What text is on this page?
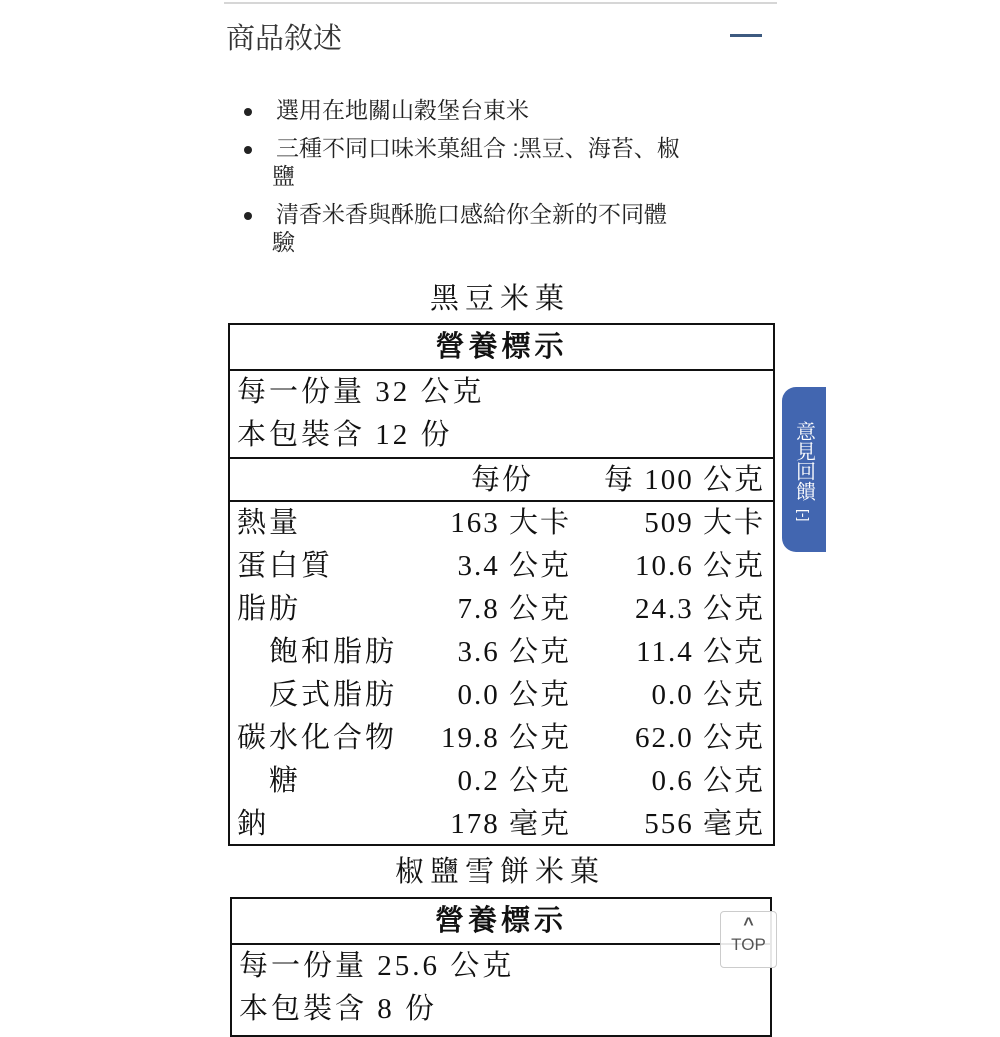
商品敘述
選用在地關山穀堡台東米
三種不同口味米菓組合 :黑豆、海苔、椒
鹽
清香米香與酥脆口感給你全新的不同體
驗
黑豆米菓
營養標示
每一份量 32 公克
本包裝含 12 份
每份 每 100 公克
熱量	163 大卡	509 大卡
蛋白質	3.4 公克 10.6 公克
脂肪	7.8 公克 24.3 公克
　飽和脂肪 3.6 公克 11.4 公克
　反式脂肪 0.0 公克	0.0 公克
碳水化合物 19.8 公克 62.0 公克
　糖	0.2 公克	0.6 公克
鈉	178 毫克	556 毫克
椒鹽雪餅米菓
營養標示
每一份量 25.6 公克
本包裝含 8 份
意見回饋
[-]
^
TOP
